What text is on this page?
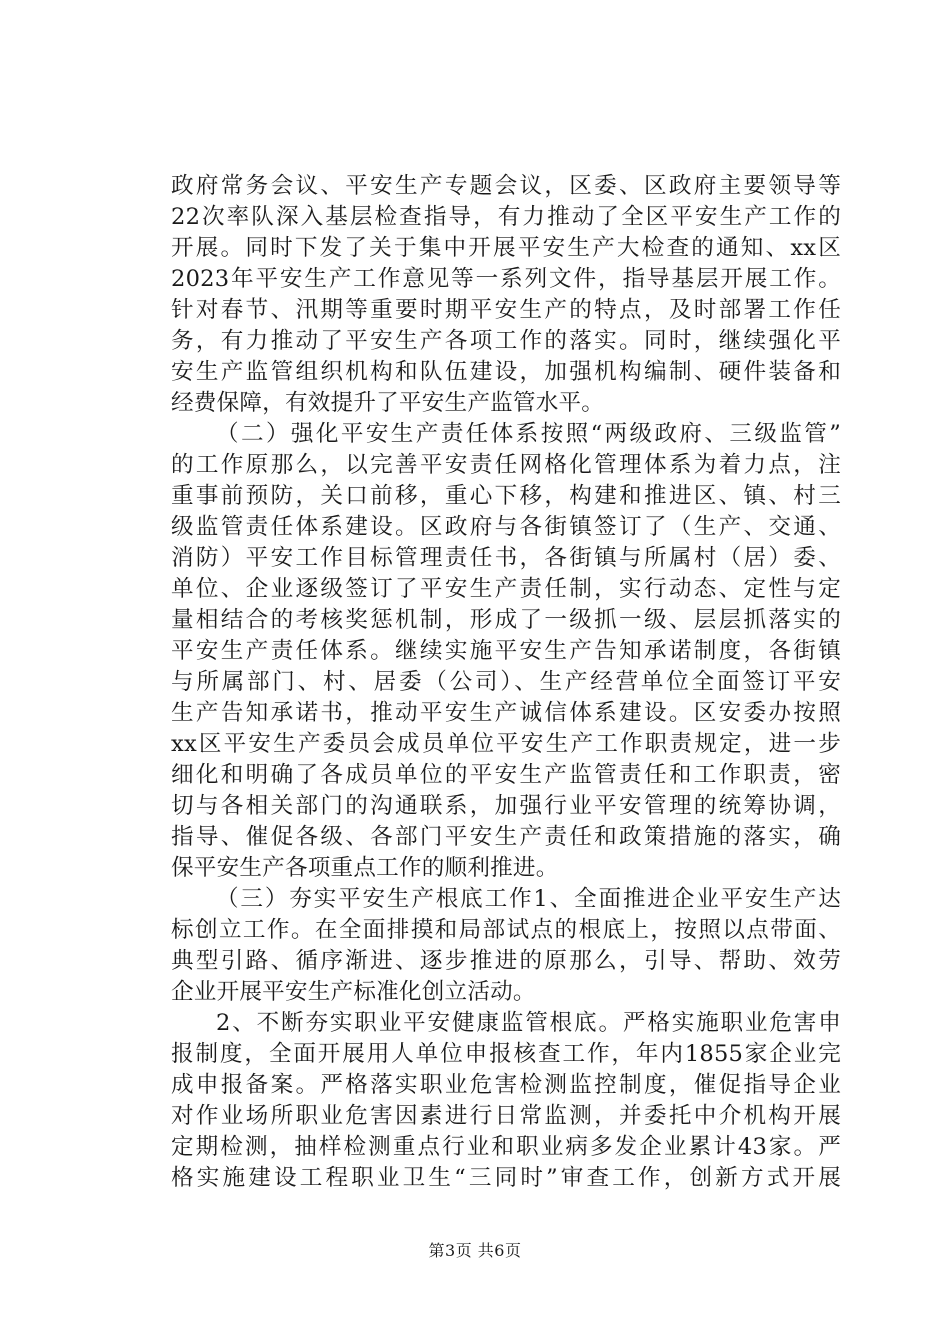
政府常务会议、平安生产专题会议，区委、区政府主要领导等
22次率队深入基层检查指导，有力推动了全区平安生产工作的
开展。同时下发了关于集中开展平安生产大检查的通知、xx区
2023年平安生产工作意见等一系列文件，指导基层开展工作。
针对春节、汛期等重要时期平安生产的特点，及时部署工作任
务，有力推动了平安生产各项工作的落实。同时，继续强化平
安生产监管组织机构和队伍建设，加强机构编制、硬件装备和
经费保障，有效提升了平安生产监管水平。
（二）强化平安生产责任体系按照“两级政府、三级监管”
的工作原那么，以完善平安责任网格化管理体系为着力点，注
重事前预防，关口前移，重心下移，构建和推进区、镇、村三
级监管责任体系建设。区政府与各街镇签订了（生产、交通、
消防）平安工作目标管理责任书，各街镇与所属村（居）委、
单位、企业逐级签订了平安生产责任制，实行动态、定性与定
量相结合的考核奖惩机制，形成了一级抓一级、层层抓落实的
平安生产责任体系。继续实施平安生产告知承诺制度，各街镇
与所属部门、村、居委（公司）、生产经营单位全面签订平安
生产告知承诺书，推动平安生产诚信体系建设。区安委办按照
xx区平安生产委员会成员单位平安生产工作职责规定，进一步
细化和明确了各成员单位的平安生产监管责任和工作职责，密
切与各相关部门的沟通联系，加强行业平安管理的统筹协调，
指导、催促各级、各部门平安生产责任和政策措施的落实，确
保平安生产各项重点工作的顺利推进。
（三）夯实平安生产根底工作1、全面推进企业平安生产达
标创立工作。在全面排摸和局部试点的根底上，按照以点带面、
典型引路、循序渐进、逐步推进的原那么，引导、帮助、效劳
企业开展平安生产标准化创立活动。
2、不断夯实职业平安健康监管根底。严格实施职业危害申
报制度，全面开展用人单位申报核查工作，年内1855家企业完
成申报备案。严格落实职业危害检测监控制度，催促指导企业
对作业场所职业危害因素进行日常监测，并委托中介机构开展
定期检测，抽样检测重点行业和职业病多发企业累计43家。严
格实施建设工程职业卫生“三同时”审查工作，创新方式开展
第3页 共6页
